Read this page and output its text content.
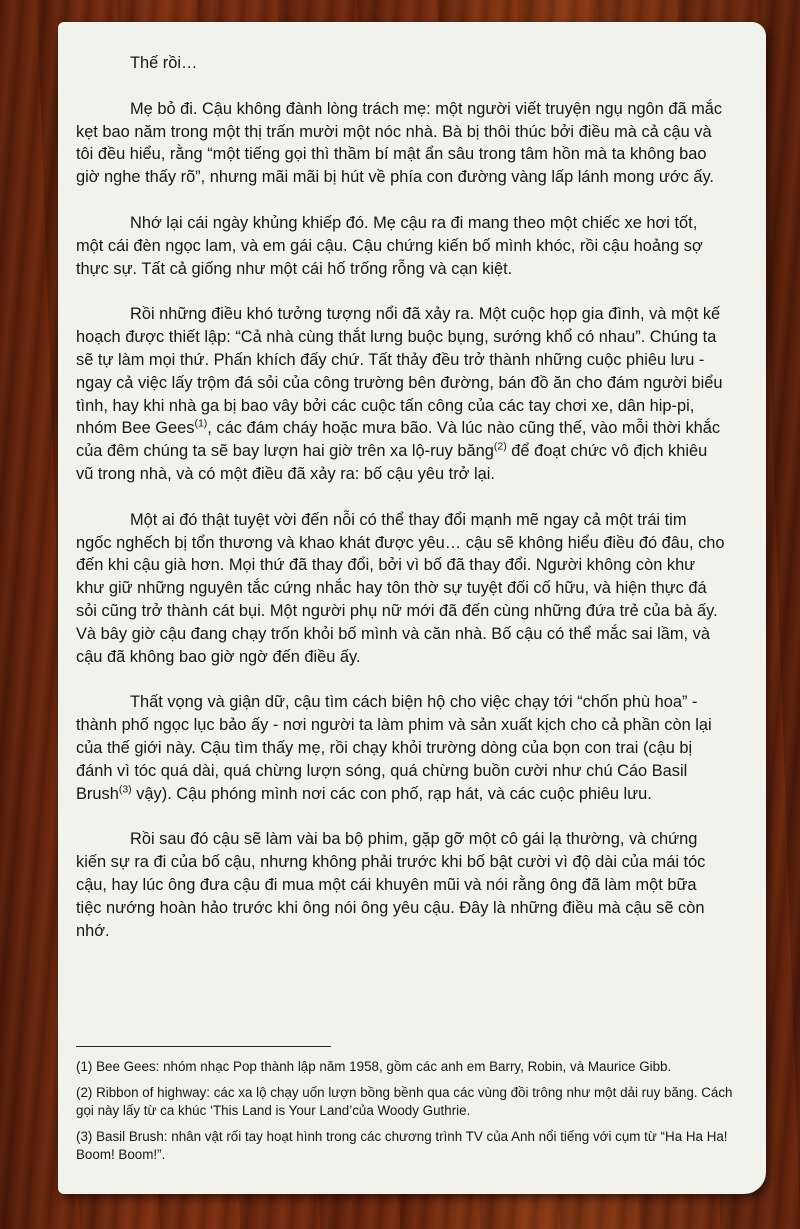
Thế rồi…

Mẹ bỏ đi. Cậu không đành lòng trách mẹ: một người viết truyện ngụ ngôn đã mắc kẹt bao năm trong một thị trấn mười một nóc nhà. Bà bị thôi thúc bởi điều mà cả cậu và tôi đều hiểu, rằng “một tiếng gọi thì thầm bí mật ẩn sâu trong tâm hồn mà ta không bao giờ nghe thấy rõ”, nhưng mãi mãi bị hút về phía con đường vàng lấp lánh mong ước ấy.

Nhớ lại cái ngày khủng khiếp đó. Mẹ cậu ra đi mang theo một chiếc xe hơi tốt, một cái đèn ngọc lam, và em gái cậu. Cậu chứng kiến bố mình khóc, rồi cậu hoảng sợ thực sự. Tất cả giống như một cái hố trống rỗng và cạn kiệt.

Rồi những điều khó tưởng tượng nổi đã xảy ra. Một cuộc họp gia đình, và một kế hoạch được thiết lập: “Cả nhà cùng thắt lưng buộc bụng, sướng khổ có nhau”. Chúng ta sẽ tự làm mọi thứ. Phấn khích đấy chứ. Tất thảy đều trở thành những cuộc phiêu lưu - ngay cả việc lấy trộm đá sỏi của công trường bên đường, bán đồ ăn cho đám người biểu tình, hay khi nhà ga bị bao vây bởi các cuộc tấn công của các tay chơi xe, dân hip-pi, nhóm Bee Gees$^{(1)}$, các đám cháy hoặc mưa bão. Và lúc nào cũng thế, vào mỗi thời khắc của đêm chúng ta sẽ bay lượn hai giờ trên xa lộ-ruy băng$^{(2)}$ để đoạt chức vô địch khiêu vũ trong nhà, và có một điều đã xảy ra: bố cậu yêu trở lại.

Một ai đó thật tuyệt vời đến nỗi có thể thay đổi mạnh mẽ ngay cả một trái tim ngốc nghếch bị tổn thương và khao khát được yêu… cậu sẽ không hiểu điều đó đâu, cho đến khi cậu già hơn. Mọi thứ đã thay đổi, bởi vì bố đã thay đổi. Người không còn khư khư giữ những nguyên tắc cứng nhắc hay tôn thờ sự tuyệt đối cố hữu, và hiện thực đá sỏi cũng trở thành cát bụi. Một người phụ nữ mới đã đến cùng những đứa trẻ của bà ấy. Và bây giờ cậu đang chạy trốn khỏi bố mình và căn nhà. Bố cậu có thể mắc sai lầm, và cậu đã không bao giờ ngờ đến điều ấy.

Thất vọng và giận dữ, cậu tìm cách biện hộ cho việc chạy tới “chốn phù hoa” - thành phố ngọc lục bảo ấy - nơi người ta làm phim và sản xuất kịch cho cả phần còn lại của thế giới này. Cậu tìm thấy mẹ, rồi chạy khỏi trường dòng của bọn con trai (cậu bị đánh vì tóc quá dài, quá chừng lượn sóng, quá chừng buồn cười như chú Cáo Basil Brush$^{(3)}$ vậy). Cậu phóng mình nơi các con phố, rạp hát, và các cuộc phiêu lưu.

Rồi sau đó cậu sẽ làm vài ba bộ phim, gặp gỡ một cô gái lạ thường, và chứng kiến sự ra đi của bố cậu, nhưng không phải trước khi bố bật cười vì độ dài của mái tóc cậu, hay lúc ông đưa cậu đi mua một cái khuyên mũi và nói rằng ông đã làm một bữa tiệc nướng hoàn hảo trước khi ông nói ông yêu cậu. Đây là những điều mà cậu sẽ còn nhớ.

(1) Bee Gees: nhóm nhạc Pop thành lập năm 1958, gồm các anh em Barry, Robin, và Maurice Gibb.

(2) Ribbon of highway: các xa lộ chạy uốn lượn bồng bềnh qua các vùng đồi trông như một dải ruy băng. Cách gọi này lấy từ ca khúc ‘This Land is Your Land’của Woody Guthrie.

(3) Basil Brush: nhân vật rối tay hoạt hình trong các chương trình TV của Anh nổi tiếng với cụm từ “Ha Ha Ha! Boom! Boom!”.
